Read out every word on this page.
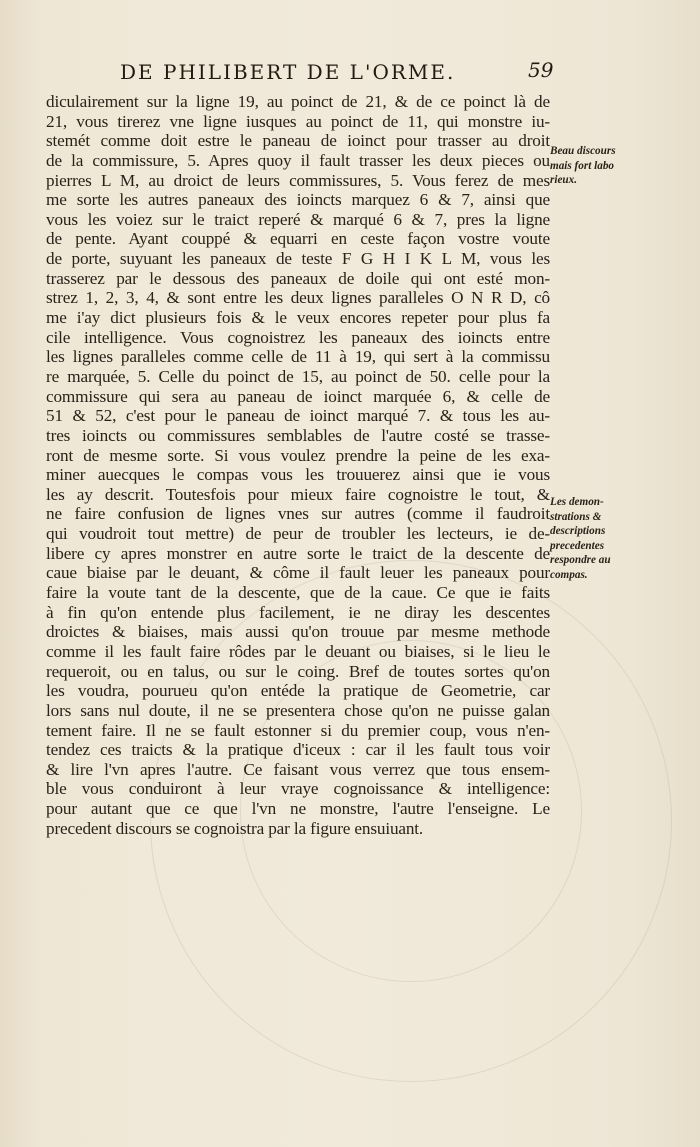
DE PHILIBERT DE L'ORME.	59
diculairement sur la ligne 19, au poinct de 21, & de ce poinct là de
21, vous tirerez vne ligne iusques au poinct de 11, qui monstre iu-
stemét comme doit estre le paneau de ioinct pour trasser au droit
de la commissure, 5. Apres quoy il fault trasser les deux pieces ou
pierres L M, au droict de leurs commissures, 5. Vous ferez de mes
me sorte les autres paneaux des ioincts marquez 6 & 7, ainsi que
vous les voiez sur le traict reperé & marqué 6 & 7, pres la ligne
de pente. Ayant couppé & equarri en ceste façon vostre voute
de porte, suyuant les paneaux de teste F G H I K L M, vous les
trasserez par le dessous des paneaux de doile qui ont esté mon-
strez 1, 2, 3, 4, & sont entre les deux lignes paralleles O N R D, cô
me i'ay dict plusieurs fois & le veux encores repeter pour plus fa
cile intelligence. Vous cognoistrez les paneaux des ioincts entre
les lignes paralleles comme celle de 11 à 19, qui sert à la commissu
re marquée, 5. Celle du poinct de 15, au poinct de 50. celle pour la
commissure qui sera au paneau de ioinct marquée 6, & celle de
51 & 52, c'est pour le paneau de ioinct marqué 7. & tous les au-
tres ioincts ou commissures semblables de l'autre costé se trasse-
ront de mesme sorte. Si vous voulez prendre la peine de les exa-
miner auecques le compas vous les trouuerez ainsi que ie vous
les ay descrit. Toutesfois pour mieux faire cognoistre le tout, &
ne faire confusion de lignes vnes sur autres (comme il faudroit
qui voudroit tout mettre) de peur de troubler les lecteurs, ie de-
libere cy apres monstrer en autre sorte le traict de la descente de
caue biaise par le deuant, & côme il fault leuer les paneaux pour
faire la voute tant de la descente, que de la caue. Ce que ie faits
à fin qu'on entende plus facilement, ie ne diray les descentes
droictes & biaises, mais aussi qu'on trouue par mesme methode
comme il les fault faire rôdes par le deuant ou biaises, si le lieu le
requeroit, ou en talus, ou sur le coing. Bref de toutes sortes qu'on
les voudra, pourueu qu'on entéde la pratique de Geometrie, car
lors sans nul doute, il ne se presentera chose qu'on ne puisse galan
tement faire. Il ne se fault estonner si du premier coup, vous n'en-
tendez ces traicts & la pratique d'iceux : car il les fault tous voir
& lire l'vn apres l'autre. Ce faisant vous verrez que tous ensem-
ble vous conduiront à leur vraye cognoissance & intelligence:
pour autant que ce que l'vn ne monstre, l'autre l'enseigne. Le
precedent discours se cognoistra par la figure ensuiuant.
Beau discours
mais fort labo
rieux.
Les demon-
strations &
descriptions
precedentes
respondre au
compas.
